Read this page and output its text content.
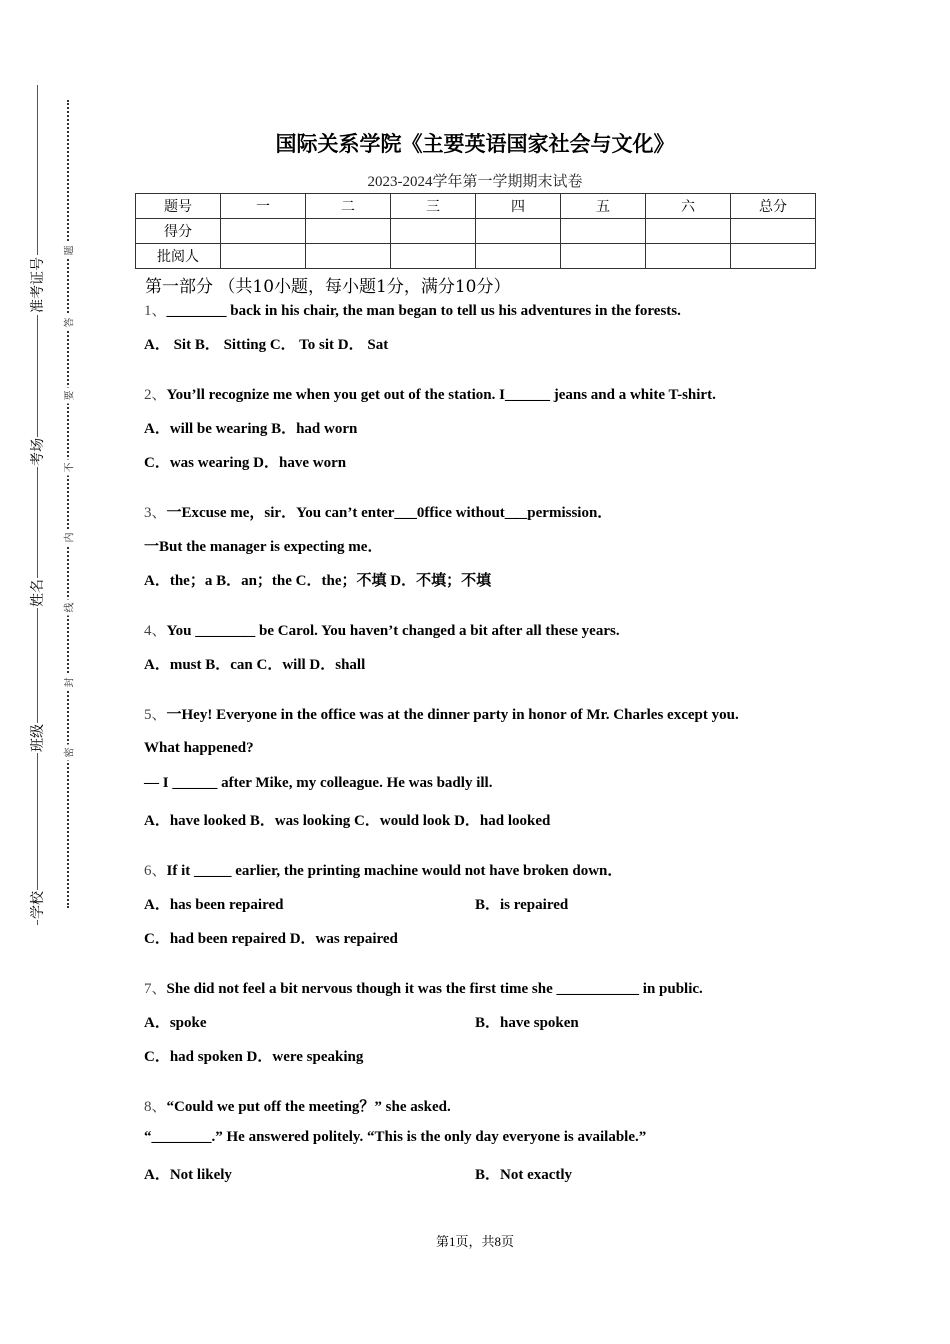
学校
班级
姓名
考场
准考证号
密
封
线
内
不
要
答
题
国际关系学院《主要英语国家社会与文化》
2023-2024学年第一学期期末试卷
题号	一	二	三	四	五	六	总分
得分							
批阅人							
第一部分 （共10小题，每小题1分，满分10分）
1、________ back in his chair, the man began to tell us his adventures in the forests.
A． Sit B． Sitting C． To sit D． Sat
2、You’ll recognize me when you get out of the station. I______ jeans and a white T-shirt.
A．will be wearing B．had worn
C．was wearing D．have worn
3、一Excuse me，sir．You can’t enter___0ffice without___permission．
一But the manager is expecting me．
A．the；a B．an；the C．the；不填 D．不填；不填
4、You ________ be Carol. You haven’t changed a bit after all these years.
A．must B．can C．will D．shall
5、一Hey! Everyone in the office was at the dinner party in honor of Mr. Charles except you.
What happened?
— I ______ after Mike, my colleague. He was badly ill.
A．have looked B．was looking C．would look D．had looked
6、If it _____ earlier, the printing machine would not have broken down．
A．has been repaired	B．is repaired
C．had been repaired D．was repaired
7、She did not feel a bit nervous though it was the first time she ___________ in public.
A．spoke	B．have spoken
C．had spoken D．were speaking
8、“Could we put off the meeting？” she asked.
“________.” He answered politely. “This is the only day everyone is available.”
A．Not likely	B．Not exactly
第1页，共8页
